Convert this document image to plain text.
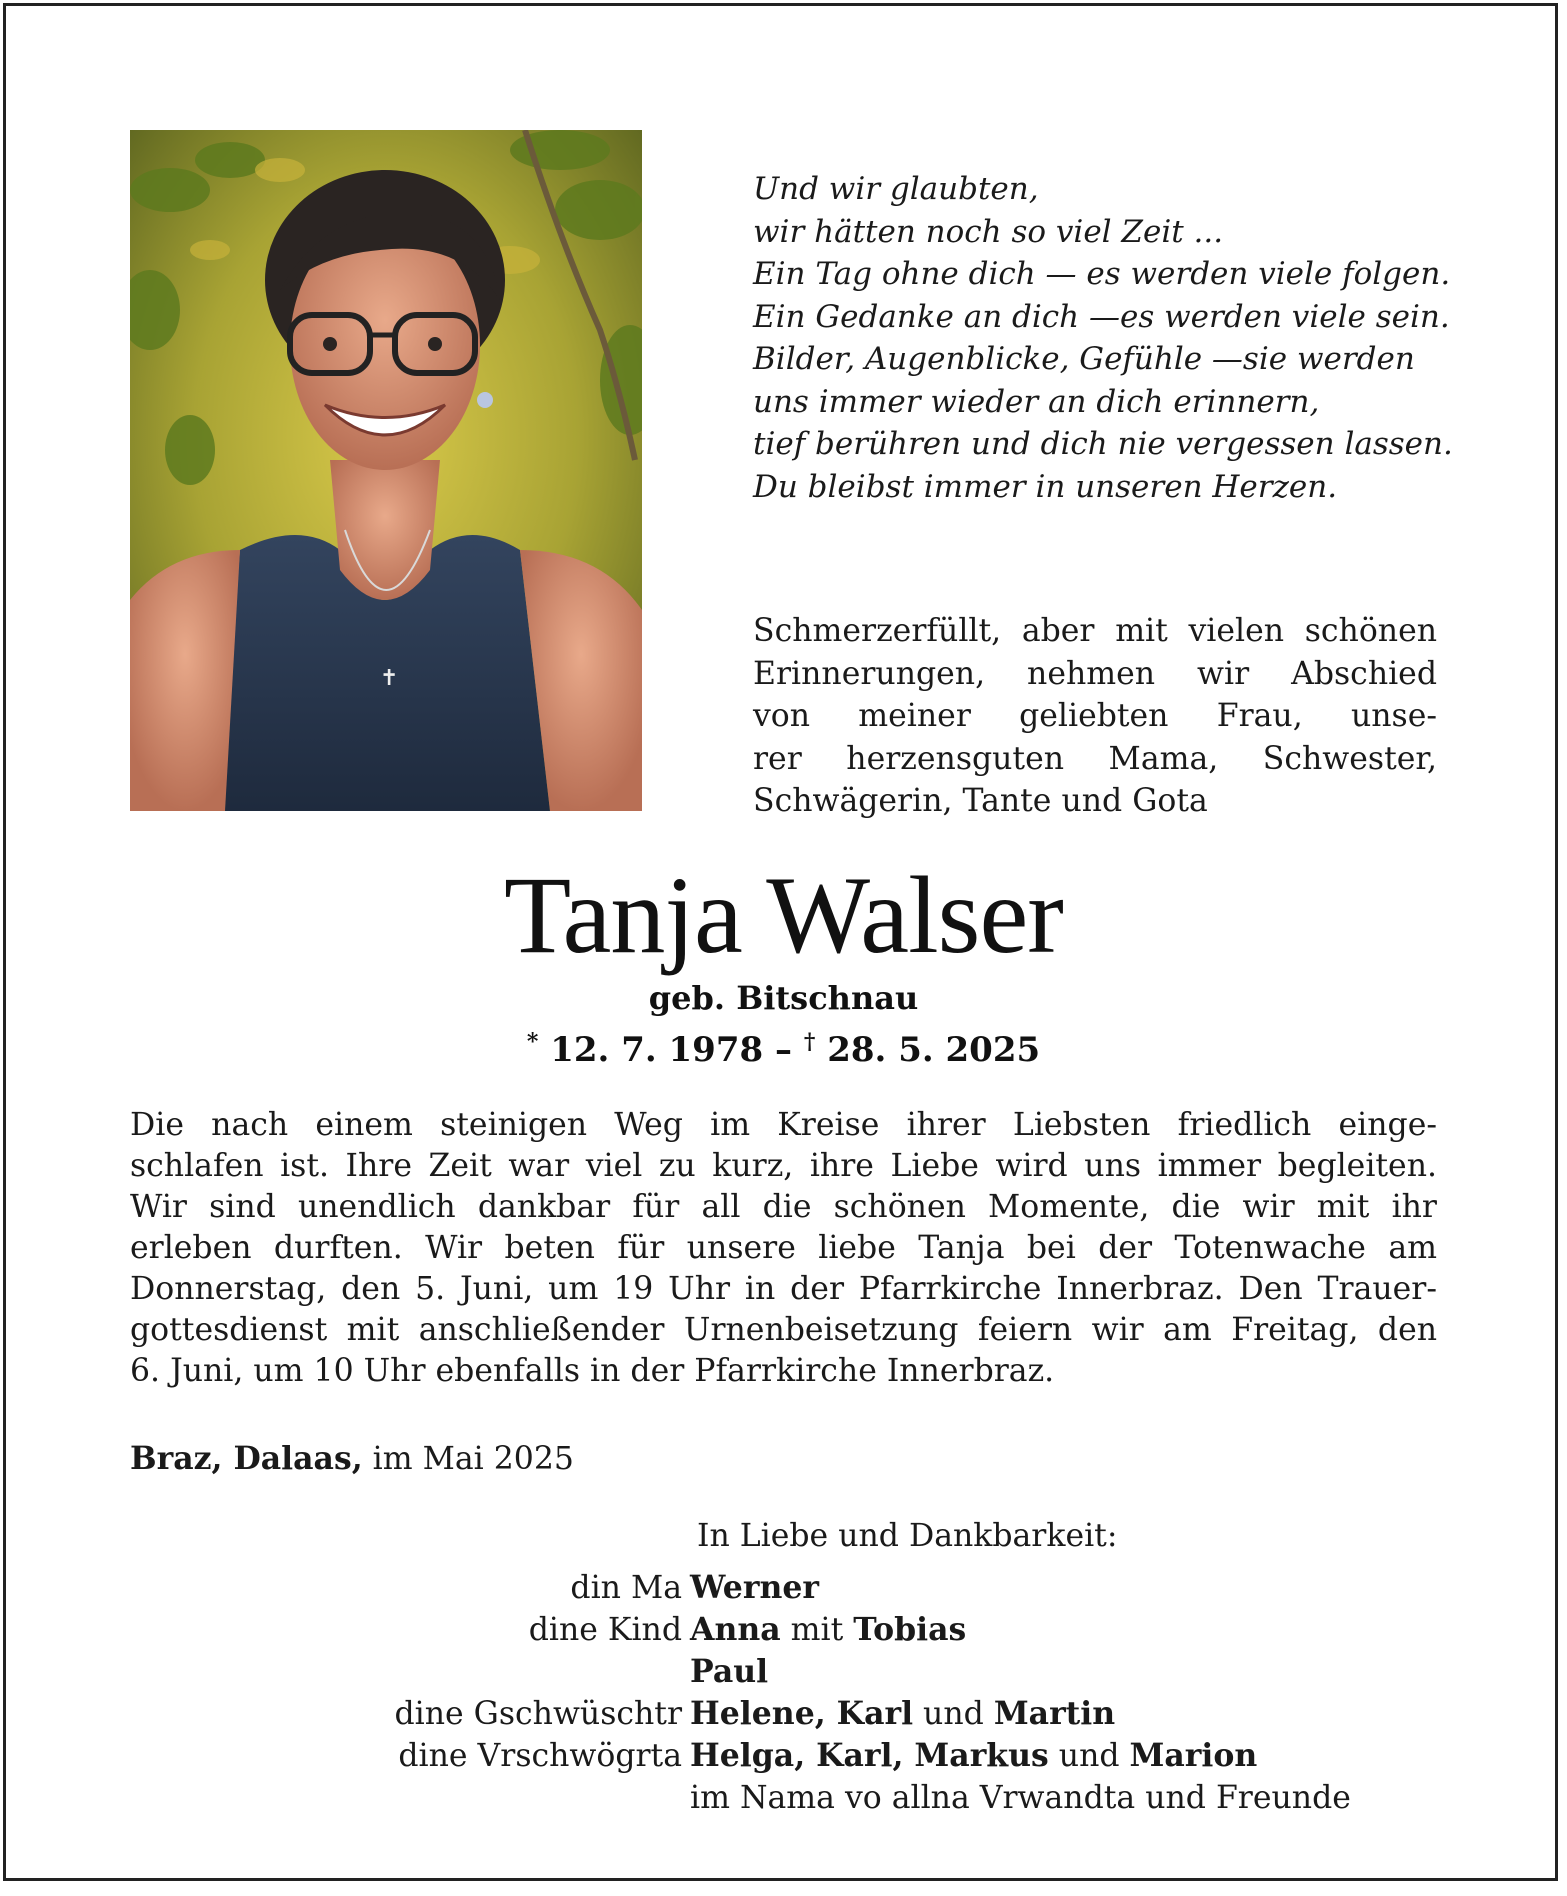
✝
Und wir glaubten,
wir hätten noch so viel Zeit ...
Ein Tag ohne dich — es werden viele folgen.
Ein Gedanke an dich —es werden viele sein.
Bilder, Augenblicke, Gefühle —sie werden
uns immer wieder an dich erinnern,
tief berühren und dich nie vergessen lassen.
Du bleibst immer in unseren Herzen.
Schmerzerfüllt, aber mit vielen schönen
Erinnerungen, nehmen wir Abschied
von meiner geliebten Frau, unse-
rer herzensguten Mama, Schwester,
Schwägerin, Tante und Gota
Tanja Walser
geb. Bitschnau
* 12. 7. 1978 – † 28. 5. 2025
Die nach einem steinigen Weg im Kreise ihrer Liebsten friedlich einge-
schlafen ist. Ihre Zeit war viel zu kurz, ihre Liebe wird uns immer begleiten.
Wir sind unendlich dankbar für all die schönen Momente, die wir mit ihr
erleben durften. Wir beten für unsere liebe Tanja bei der Totenwache am
Donnerstag, den 5. Juni, um 19 Uhr in der Pfarrkirche Innerbraz. Den Trauer-
gottesdienst mit anschließender Urnenbeisetzung feiern wir am Freitag, den
6. Juni, um 10 Uhr ebenfalls in der Pfarrkirche Innerbraz.
Braz, Dalaas, im Mai 2025
In Liebe und Dankbarkeit:
din Ma Werner
dine Kind Anna mit Tobias
Paul
dine Gschwüschtr Helene, Karl und Martin
dine Vrschwögrta Helga, Karl, Markus und Marion
im Nama vo allna Vrwandta und Freunde
